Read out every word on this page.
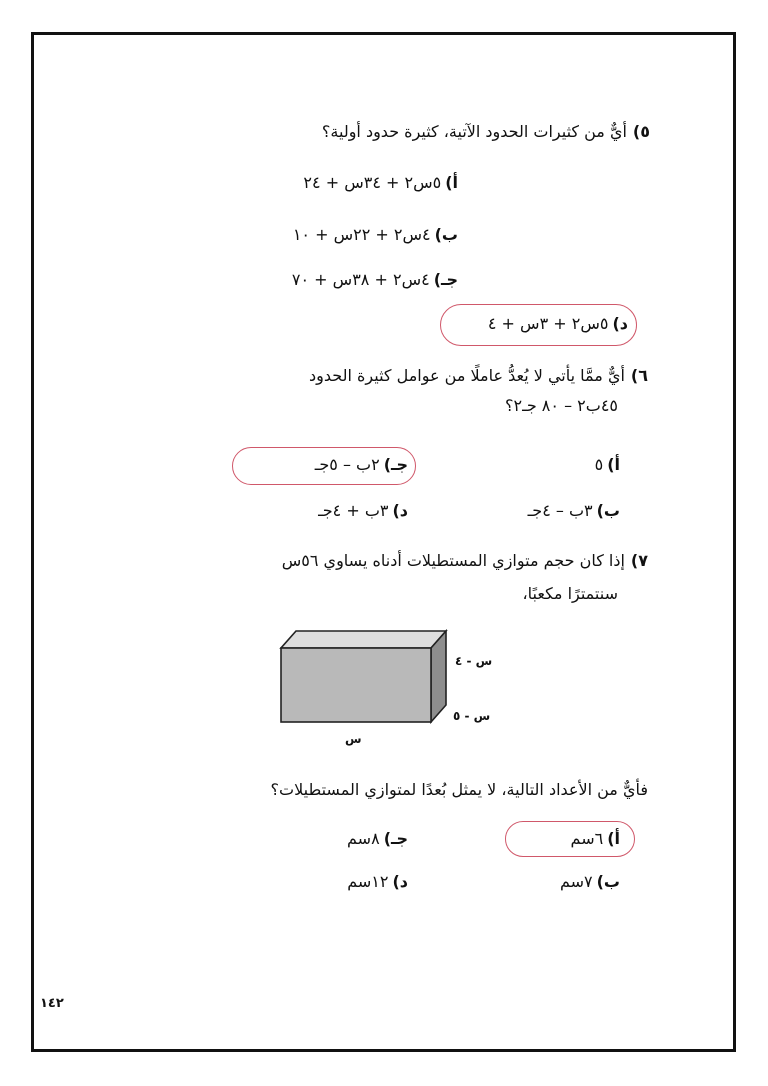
٥)أيٌّ من كثيرات الحدود الآتية، كثيرة حدود أولية؟
أ)٥س٢ + ٣٤س + ٢٤
ب)٤س٢ + ٢٢س + ١٠
جـ)٤س٢ + ٣٨س + ٧٠
د)٥س٢ + ٣س + ٤
٦)أيٌّ ممَّا يأتي لا يُعدُّ عاملًا من عوامل كثيرة الحدود
٤٥ب٢ – ٨٠ جـ٢؟
أ)٥
جـ)٢ب – ٥جـ
ب)٣ب – ٤جـ
د)٣ب + ٤جـ
٧)إذا كان حجم متوازي المستطيلات أدناه يساوي ٥٦س
سنتمترًا مكعبًا،
س - ٤
س - ٥
س
فأيٌّ من الأعداد التالية، لا يمثل بُعدًا لمتوازي المستطيلات؟
أ)٦سم
جـ)٨سم
ب)٧سم
د)١٢سم
١٤٢
